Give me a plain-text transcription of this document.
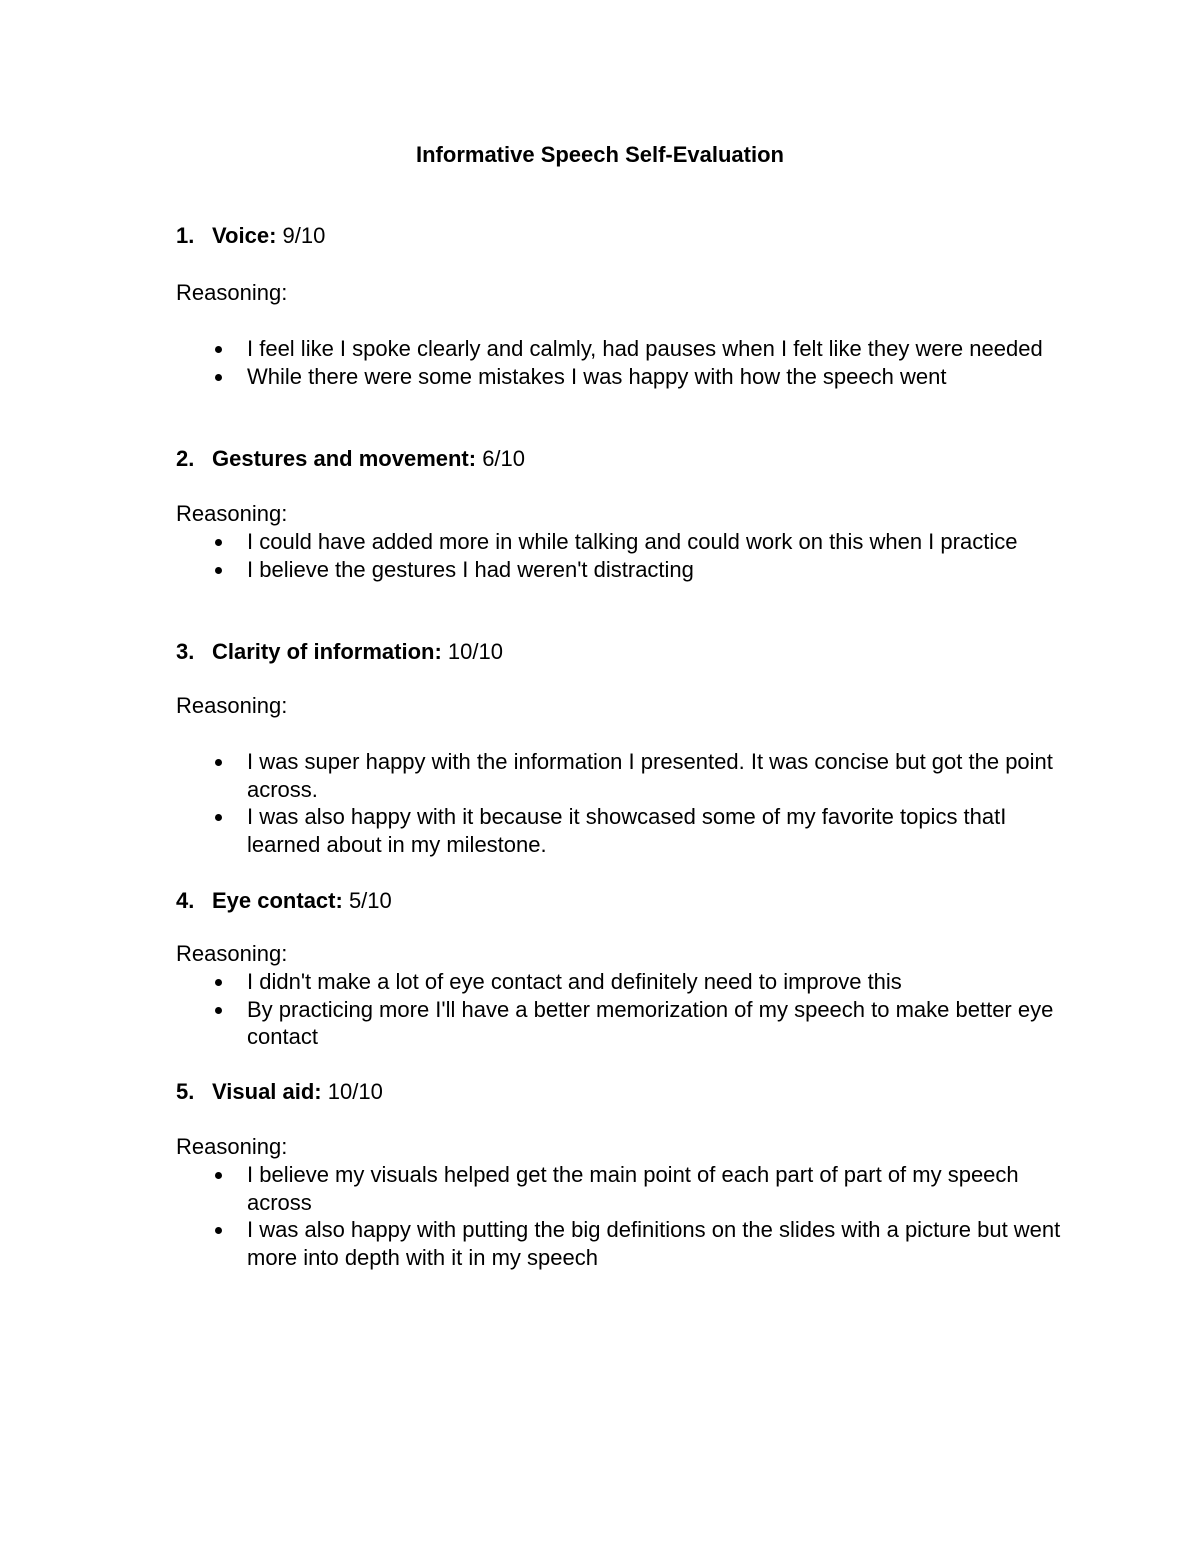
Informative Speech Self-Evaluation
1. Voice: 9/10
Reasoning:
I feel like I spoke clearly and calmly, had pauses when I felt like they were needed
While there were some mistakes I was happy with how the speech went
2. Gestures and movement: 6/10
Reasoning:
I could have added more in while talking and could work on this when I practice
I believe the gestures I had weren't distracting
3. Clarity of information: 10/10
Reasoning:
I was super happy with the information I presented. It was concise but got the point across.
I was also happy with it because it showcased some of my favorite topics thatI learned about in my milestone.
4. Eye contact: 5/10
Reasoning:
I didn't make a lot of eye contact and definitely need to improve this
By practicing more I'll have a better memorization of my speech to make better eye contact
5. Visual aid: 10/10
Reasoning:
I believe my visuals helped get the main point of each part of part of my speech across
I was also happy with putting the big definitions on the slides with a picture but went more into depth with it in my speech
